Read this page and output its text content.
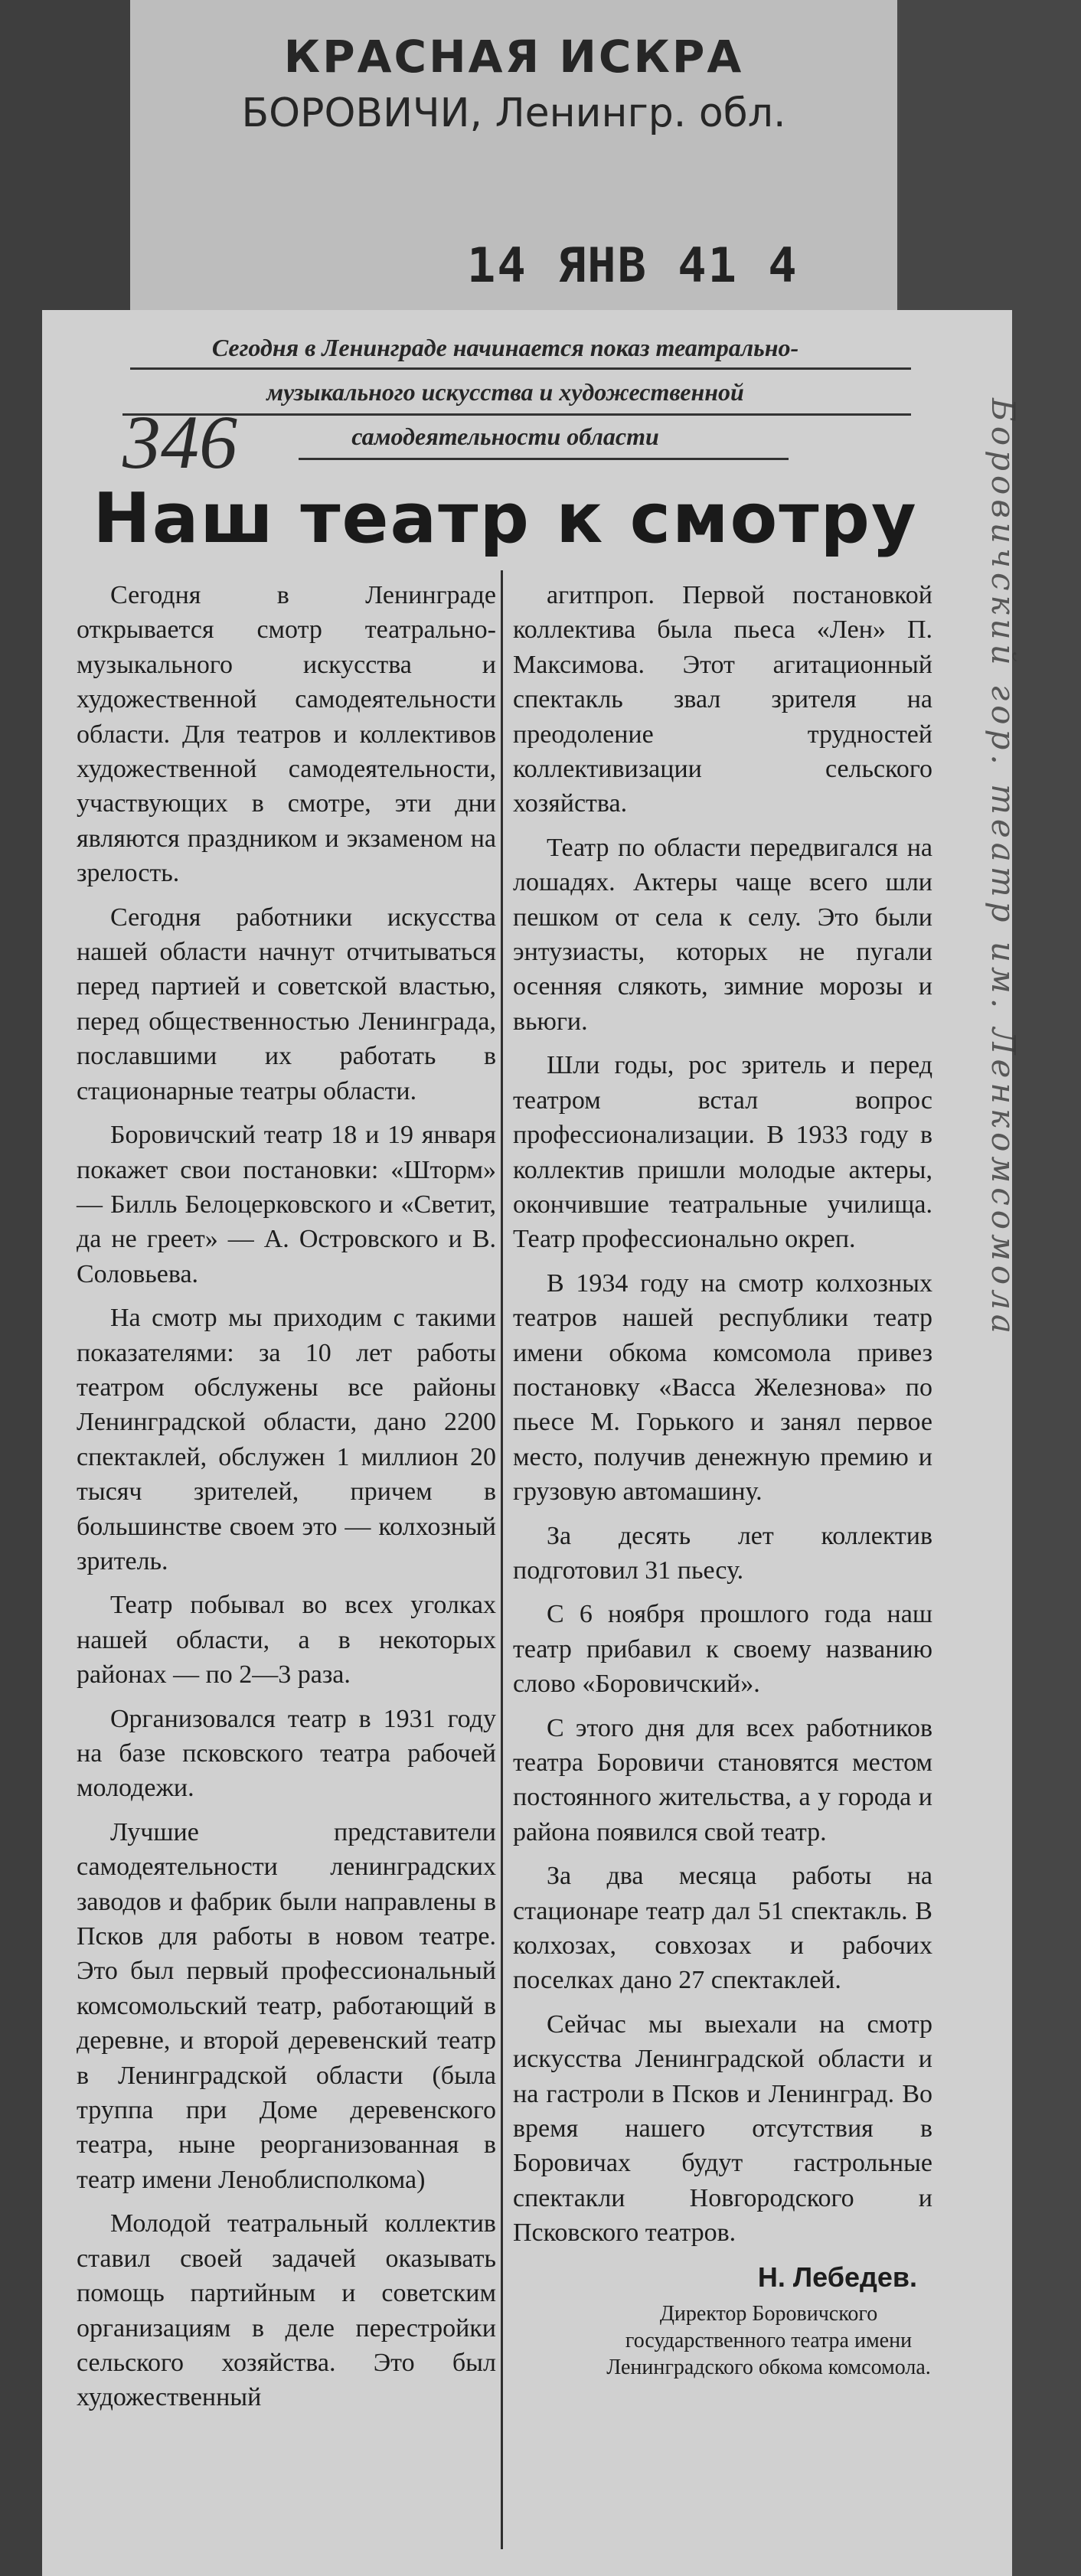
КРАСНАЯ ИСКРА
БОРОВИЧИ, Ленингр. обл.
14 ЯНВ 41 4
Сегодня в Ленинграде начинается показ театрально-
музыкального искусства и художественной
самодеятельности области
346	Боровичский гор. театр им. Ленкомсомола
Наш театр к смотру

Сегодня в Ленинграде открывается смотр театрально-музыкального искусства и художественной самодеятельности области. Для театров и коллективов художественной самодеятельности, участвующих в смотре, эти дни являются праздником и экзаменом на зрелость.

Сегодня работники искусства нашей области начнут отчитываться перед партией и советской властью, перед общественностью Ленинграда, пославшими их работать в стационарные театры области.

Боровичский театр 18 и 19 января покажет свои постановки: «Шторм» — Билль Белоцерковского и «Светит, да не греет» — А. Островского и В. Соловьева.

На смотр мы приходим с такими показателями: за 10 лет работы театром обслужены все районы Ленинградской области, дано 2200 спектаклей, обслужен 1 миллион 20 тысяч зрителей, причем в большинстве своем это — колхозный зритель.

Театр побывал во всех уголках нашей области, а в некоторых районах — по 2—3 раза.

Организовался театр в 1931 году на базе псковского театра рабочей молодежи.

Лучшие представители самодеятельности ленинградских заводов и фабрик были направлены в Псков для работы в новом театре. Это был первый профессиональный комсомольский театр, работающий в деревне, и второй деревенский театр в Ленинградской области (была труппа при Доме деревенского театра, ныне реорганизованная в театр имени Леноблисполкома)

Молодой театральный коллектив ставил своей задачей оказывать помощь партийным и советским организациям в деле перестройки сельского хозяйства. Это был художественный

агитпроп. Первой постановкой коллектива была пьеса «Лен» П. Максимова. Этот агитационный спектакль звал зрителя на преодоление трудностей коллективизации сельского хозяйства.

Театр по области передвигался на лошадях. Актеры чаще всего шли пешком от села к селу. Это были энтузиасты, которых не пугали осенняя слякоть, зимние морозы и вьюги.

Шли годы, рос зритель и перед театром встал вопрос профессионализации. В 1933 году в коллектив пришли молодые актеры, окончившие театральные училища. Театр профессионально окреп.

В 1934 году на смотр колхозных театров нашей республики театр имени обкома комсомола привез постановку «Васса Железнова» по пьесе М. Горького и занял первое место, получив денежную премию и грузовую автомашину.

За десять лет коллектив подготовил 31 пьесу.

С 6 ноября прошлого года наш театр прибавил к своему названию слово «Боровичский».

С этого дня для всех работников театра Боровичи становятся местом постоянного жительства, а у города и района появился свой театр.

За два месяца работы на стационаре театр дал 51 спектакль. В колхозах, совхозах и рабочих поселках дано 27 спектаклей.

Сейчас мы выехали на смотр искусства Ленинградской области и на гастроли в Псков и Ленинград. Во время нашего отсутствия в Боровичах будут гастрольные спектакли Новгородского и Псковского театров.

Н. Лебедев.
Директор Боровичского государственного театра имени Ленинградского обкома комсомола.
